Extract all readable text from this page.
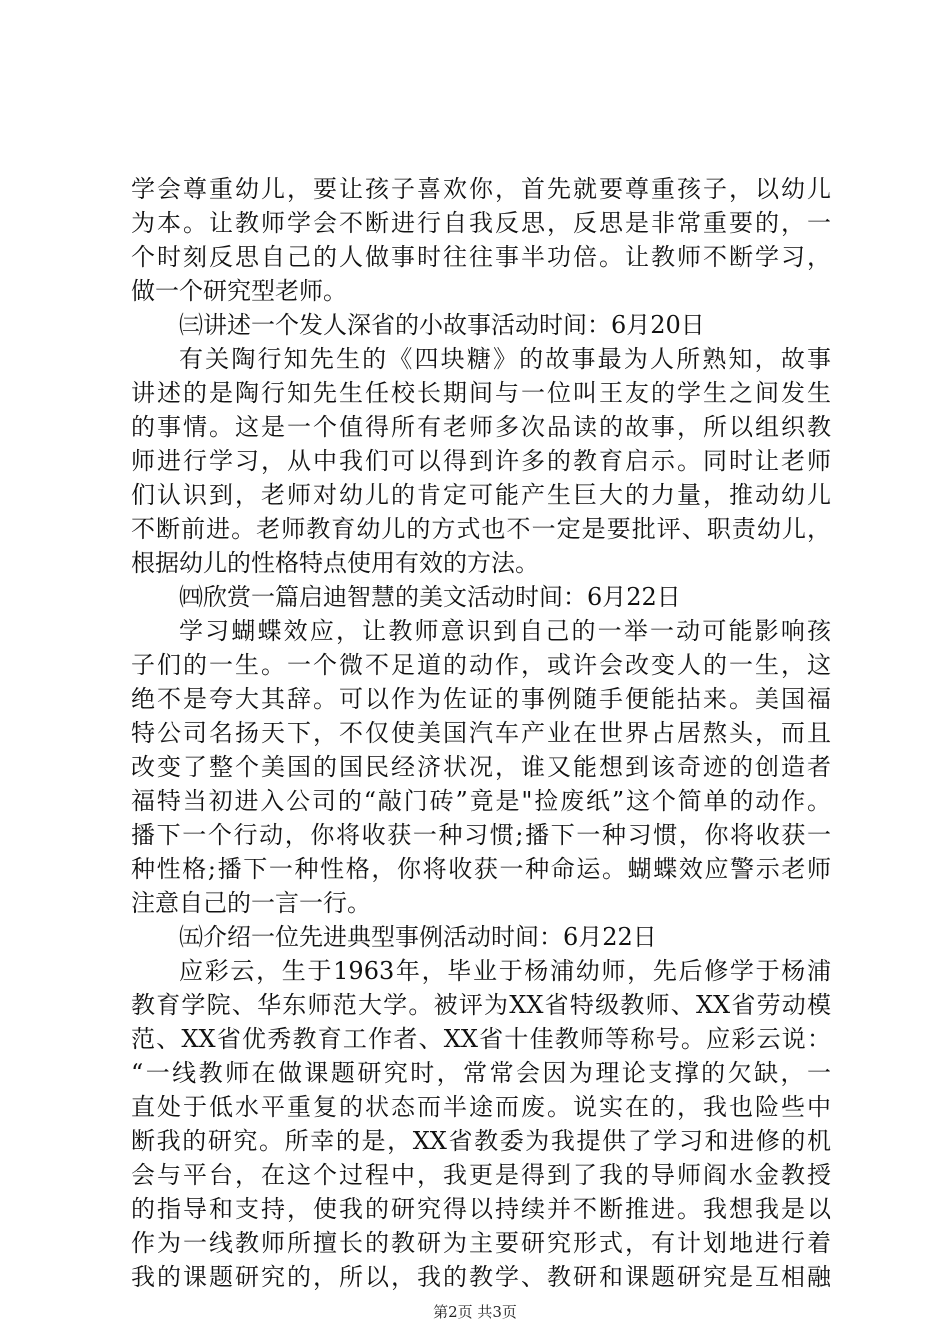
学会尊重幼儿，要让孩子喜欢你，首先就要尊重孩子，以幼儿
为本。让教师学会不断进行自我反思，反思是非常重要的，一
个时刻反思自己的人做事时往往事半功倍。让教师不断学习，
做一个研究型老师。
㈢讲述一个发人深省的小故事活动时间：6月20日
有关陶行知先生的《四块糖》的故事最为人所熟知，故事
讲述的是陶行知先生任校长期间与一位叫王友的学生之间发生
的事情。这是一个值得所有老师多次品读的故事，所以组织教
师进行学习，从中我们可以得到许多的教育启示。同时让老师
们认识到，老师对幼儿的肯定可能产生巨大的力量，推动幼儿
不断前进。老师教育幼儿的方式也不一定是要批评、职责幼儿，
根据幼儿的性格特点使用有效的方法。
㈣欣赏一篇启迪智慧的美文活动时间：6月22日
学习蝴蝶效应，让教师意识到自己的一举一动可能影响孩
子们的一生。一个微不足道的动作，或许会改变人的一生，这
绝不是夸大其辞。可以作为佐证的事例随手便能拈来。美国福
特公司名扬天下，不仅使美国汽车产业在世界占居熬头，而且
改变了整个美国的国民经济状况，谁又能想到该奇迹的创造者
福特当初进入公司的“敲门砖”竟是"捡废纸”这个简单的动作。
播下一个行动，你将收获一种习惯;播下一种习惯，你将收获一
种性格;播下一种性格，你将收获一种命运。蝴蝶效应警示老师
注意自己的一言一行。
㈤介绍一位先进典型事例活动时间：6月22日
应彩云，生于1963年，毕业于杨浦幼师，先后修学于杨浦
教育学院、华东师范大学。被评为XX省特级教师、XX省劳动模
范、XX省优秀教育工作者、XX省十佳教师等称号。应彩云说：
“一线教师在做课题研究时，常常会因为理论支撑的欠缺，一
直处于低水平重复的状态而半途而废。说实在的，我也险些中
断我的研究。所幸的是，XX省教委为我提供了学习和进修的机
会与平台，在这个过程中，我更是得到了我的导师阎水金教授
的指导和支持，使我的研究得以持续并不断推进。我想我是以
作为一线教师所擅长的教研为主要研究形式，有计划地进行着
我的课题研究的，所以，我的教学、教研和课题研究是互相融
第2页 共3页
